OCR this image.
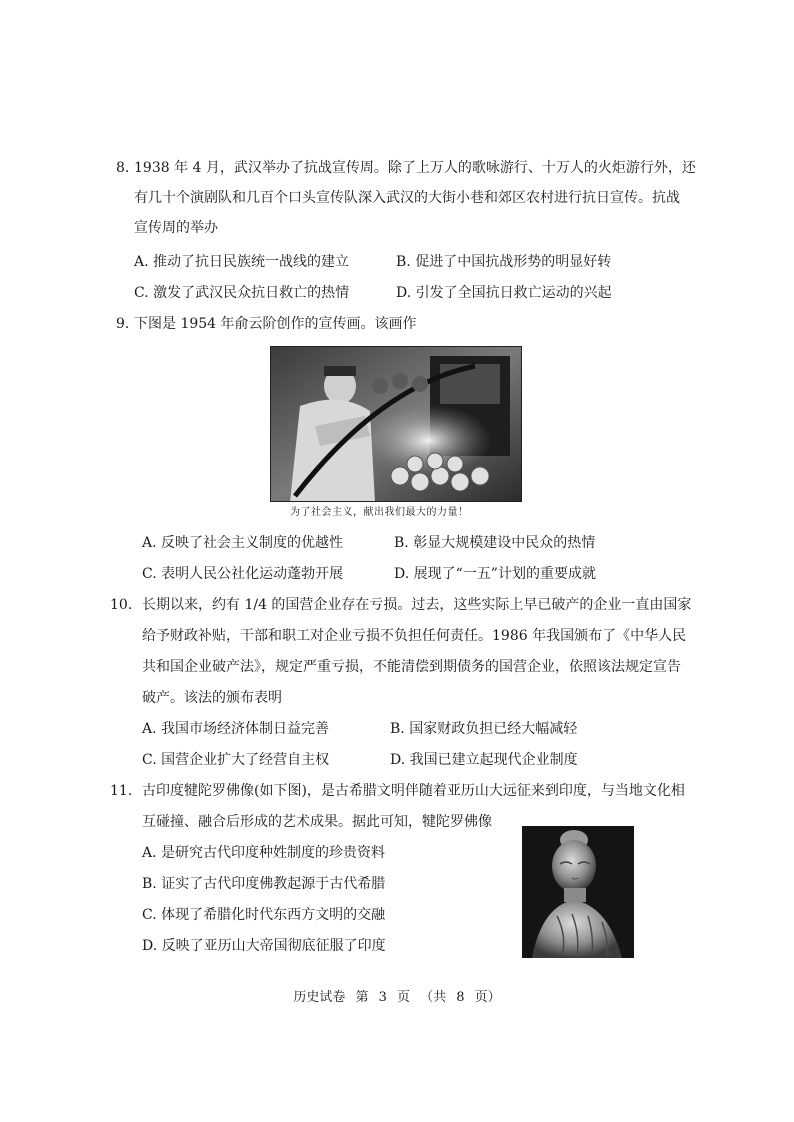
8. 1938 年 4 月，武汉举办了抗战宣传周。除了上万人的歌咏游行、十万人的火炬游行外，还
有几十个演剧队和几百个口头宣传队深入武汉的大街小巷和郊区农村进行抗日宣传。抗战
宣传周的举办
A. 推动了抗日民族统一战线的建立	B. 促进了中国抗战形势的明显好转
C. 激发了武汉民众抗日救亡的热情	D. 引发了全国抗日救亡运动的兴起
9. 下图是 1954 年俞云阶创作的宣传画。该画作
为了社会主义，献出我们最大的力量！
A. 反映了社会主义制度的优越性	B. 彰显大规模建设中民众的热情
C. 表明人民公社化运动蓬勃开展	D. 展现了“一五”计划的重要成就
10. 长期以来，约有 1/4 的国营企业存在亏损。过去，这些实际上早已破产的企业一直由国家
给予财政补贴，干部和职工对企业亏损不负担任何责任。1986 年我国颁布了《中华人民
共和国企业破产法》，规定严重亏损，不能清偿到期债务的国营企业，依照该法规定宣告
破产。该法的颁布表明
A. 我国市场经济体制日益完善	B. 国家财政负担已经大幅减轻
C. 国营企业扩大了经营自主权	D. 我国已建立起现代企业制度
11. 古印度犍陀罗佛像(如下图)，是古希腊文明伴随着亚历山大远征来到印度，与当地文化相
互碰撞、融合后形成的艺术成果。据此可知，犍陀罗佛像
A. 是研究古代印度种姓制度的珍贵资料
B. 证实了古代印度佛教起源于古代希腊
C. 体现了希腊化时代东西方文明的交融
D. 反映了亚历山大帝国彻底征服了印度
历史试卷 第 3 页 （共 8 页）
